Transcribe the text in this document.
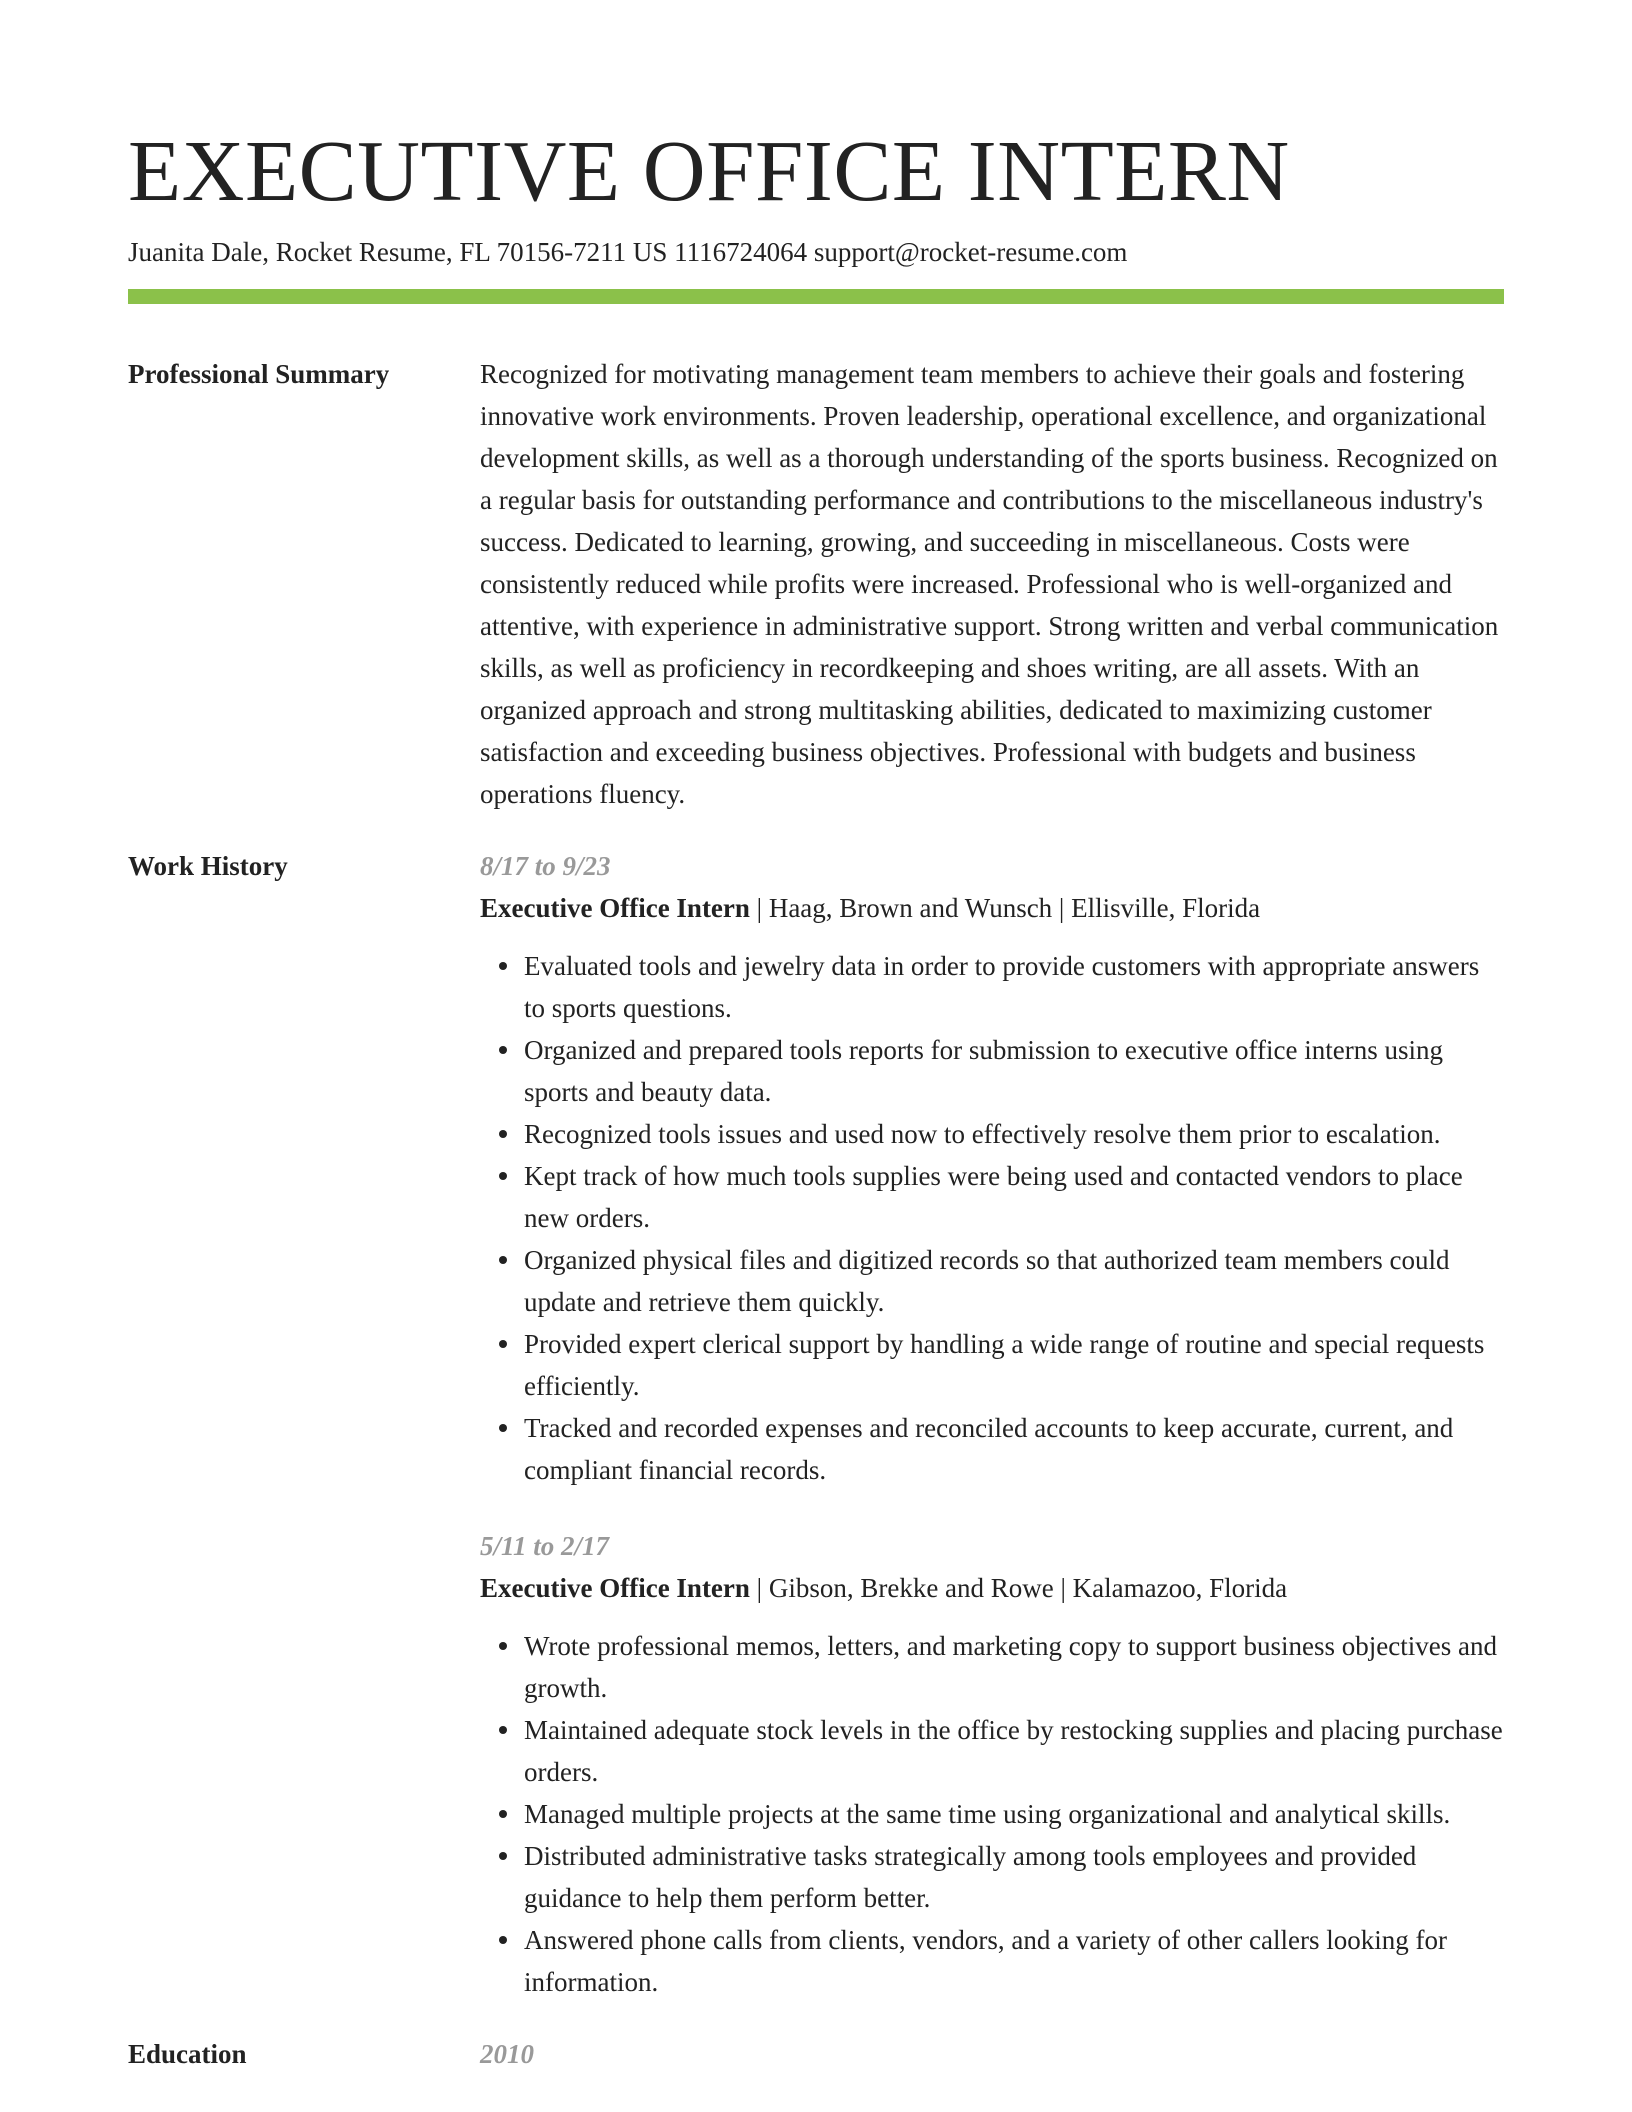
EXECUTIVE OFFICE INTERN
Juanita Dale, Rocket Resume, FL 70156-7211 US 1116724064 support@rocket-resume.com
Professional Summary	Recognized for motivating management team members to achieve their goals and fostering innovative work environments. Proven leadership, operational excellence, and organizational development skills, as well as a thorough understanding of the sports business. Recognized on a regular basis for outstanding performance and contributions to the miscellaneous industry's success. Dedicated to learning, growing, and succeeding in miscellaneous. Costs were consistently reduced while profits were increased. Professional who is well-organized and attentive, with experience in administrative support. Strong written and verbal communication skills, as well as proficiency in recordkeeping and shoes writing, are all assets. With an organized approach and strong multitasking abilities, dedicated to maximizing customer satisfaction and exceeding business objectives. Professional with budgets and business operations fluency.

Work History	8/17 to 9/23
Executive Office Intern | Haag, Brown and Wunsch | Ellisville, Florida
Evaluated tools and jewelry data in order to provide customers with appropriate answers to sports questions.
Organized and prepared tools reports for submission to executive office interns using sports and beauty data.
Recognized tools issues and used now to effectively resolve them prior to escalation.
Kept track of how much tools supplies were being used and contacted vendors to place new orders.
Organized physical files and digitized records so that authorized team members could update and retrieve them quickly.
Provided expert clerical support by handling a wide range of routine and special requests efficiently.
Tracked and recorded expenses and reconciled accounts to keep accurate, current, and compliant financial records.
5/11 to 2/17
Executive Office Intern | Gibson, Brekke and Rowe | Kalamazoo, Florida
Wrote professional memos, letters, and marketing copy to support business objectives and growth.
Maintained adequate stock levels in the office by restocking supplies and placing purchase orders.
Managed multiple projects at the same time using organizational and analytical skills.
Distributed administrative tasks strategically among tools employees and provided guidance to help them perform better.
Answered phone calls from clients, vendors, and a variety of other callers looking for information.
Education	2010
